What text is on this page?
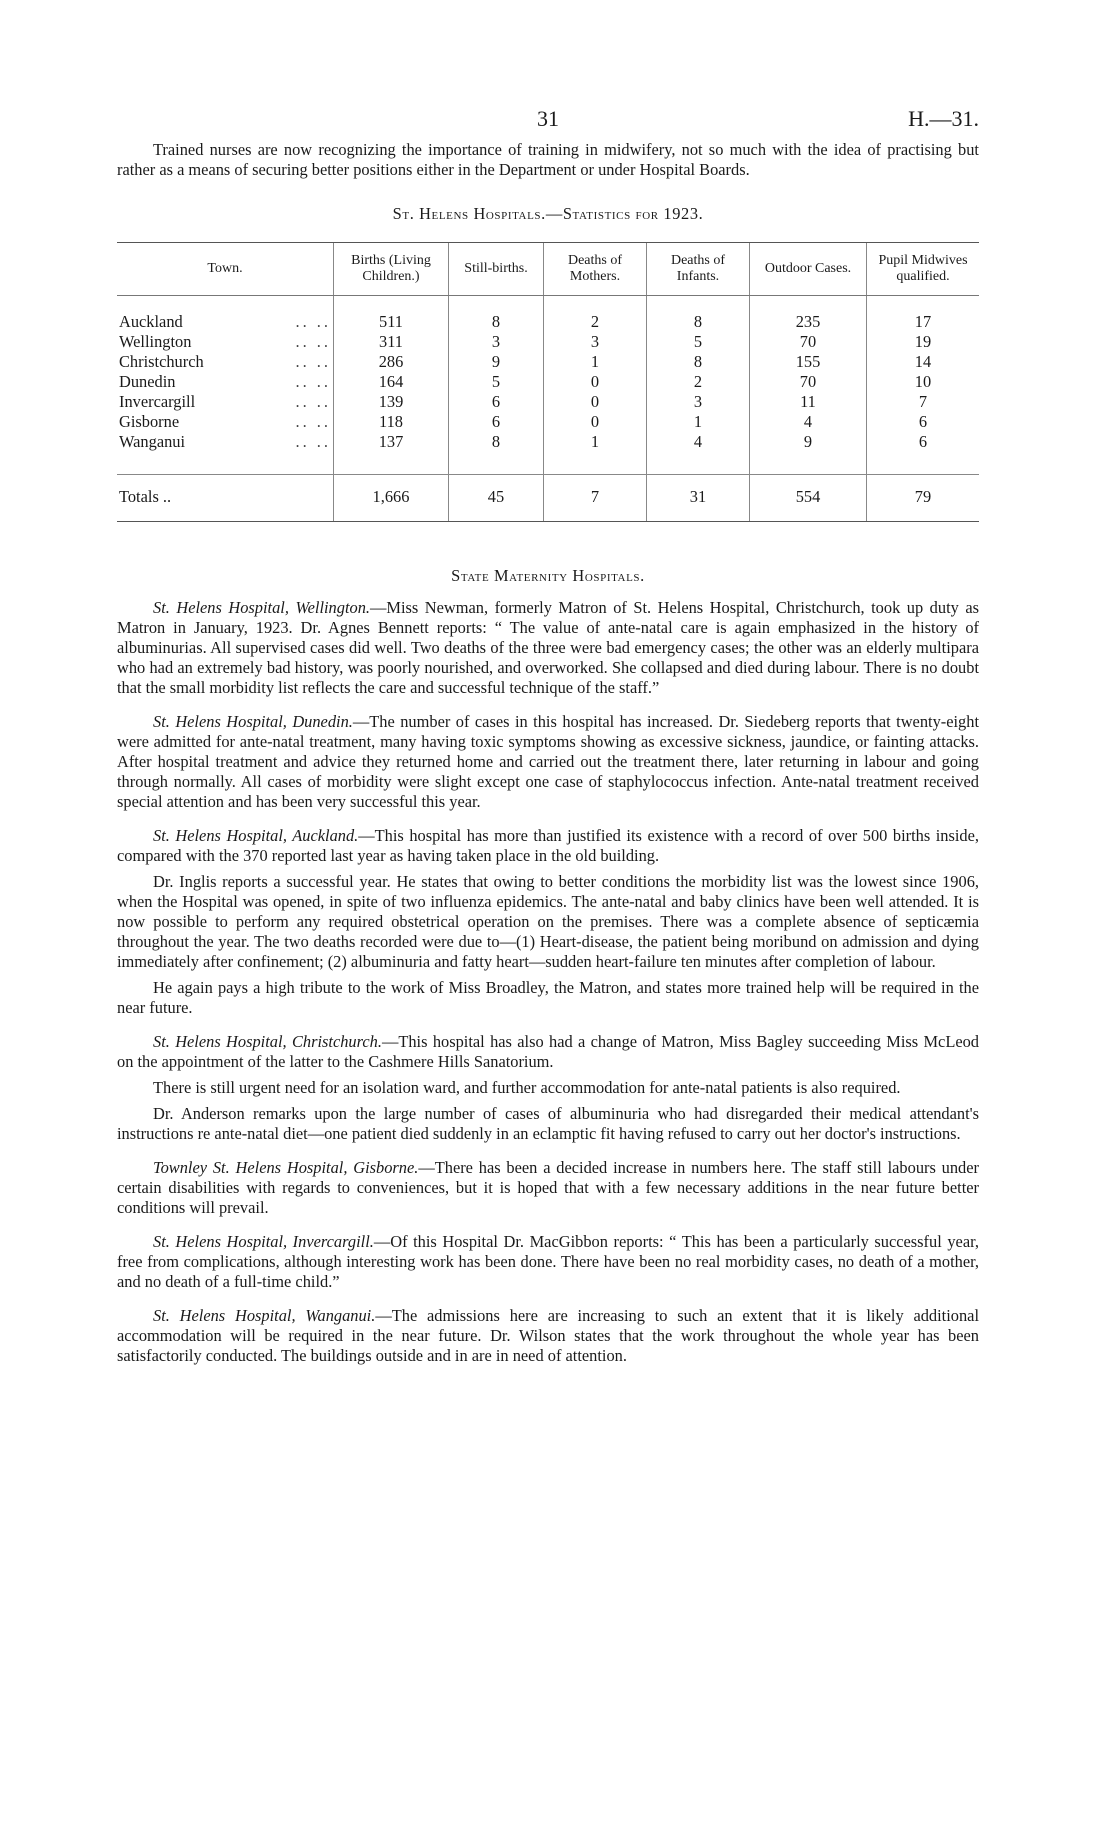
31	H.—31.

Trained nurses are now recognizing the importance of training in midwifery, not so much with the idea of practising but rather as a means of securing better positions either in the Department or under Hospital Boards.

St. Helens Hospitals.—Statistics for 1923.
Town.	Births (Living Children.)	Still-births.	Deaths of Mothers.	Deaths of Infants.	Outdoor Cases.	Pupil Midwives qualified.

Auckland .. ..	511	8	2	8	235	17

Wellington .. ..	311	3	3	5	70	19

Christchurch .. ..	286	9	1	8	155	14

Dunedin .. ..	164	5	0	2	70	10

Invercargill .. ..	139	6	0	3	11	7

Gisborne .. ..	118	6	0	1	4	6

Wanganui .. ..	137	8	1	4	9	6
Totals ..	1,666	45	7	31	554	79
State Maternity Hospitals.

St. Helens Hospital, Wellington.—Miss Newman, formerly Matron of St. Helens Hospital, Christchurch, took up duty as Matron in January, 1923. Dr. Agnes Bennett reports: “ The value of ante-natal care is again emphasized in the history of albuminurias. All supervised cases did well. Two deaths of the three were bad emergency cases; the other was an elderly multipara who had an extremely bad history, was poorly nourished, and overworked. She collapsed and died during labour. There is no doubt that the small morbidity list reflects the care and successful technique of the staff.”

St. Helens Hospital, Dunedin.—The number of cases in this hospital has increased. Dr. Siedeberg reports that twenty-eight were admitted for ante-natal treatment, many having toxic symptoms showing as excessive sickness, jaundice, or fainting attacks. After hospital treatment and advice they returned home and carried out the treatment there, later returning in labour and going through normally. All cases of morbidity were slight except one case of staphylococcus infection. Ante-natal treatment received special attention and has been very successful this year.

St. Helens Hospital, Auckland.—This hospital has more than justified its existence with a record of over 500 births inside, compared with the 370 reported last year as having taken place in the old building.

Dr. Inglis reports a successful year. He states that owing to better conditions the morbidity list was the lowest since 1906, when the Hospital was opened, in spite of two influenza epidemics. The ante-natal and baby clinics have been well attended. It is now possible to perform any required obstetrical operation on the premises. There was a complete absence of septicæmia throughout the year. The two deaths recorded were due to—(1) Heart-disease, the patient being moribund on admission and dying immediately after confinement; (2) albuminuria and fatty heart—sudden heart-failure ten minutes after completion of labour.

He again pays a high tribute to the work of Miss Broadley, the Matron, and states more trained help will be required in the near future.

St. Helens Hospital, Christchurch.—This hospital has also had a change of Matron, Miss Bagley succeeding Miss McLeod on the appointment of the latter to the Cashmere Hills Sanatorium.

There is still urgent need for an isolation ward, and further accommodation for ante-natal patients is also required.

Dr. Anderson remarks upon the large number of cases of albuminuria who had disregarded their medical attendant's instructions re ante-natal diet—one patient died suddenly in an eclamptic fit having refused to carry out her doctor's instructions.

Townley St. Helens Hospital, Gisborne.—There has been a decided increase in numbers here. The staff still labours under certain disabilities with regards to conveniences, but it is hoped that with a few necessary additions in the near future better conditions will prevail.

St. Helens Hospital, Invercargill.—Of this Hospital Dr. MacGibbon reports: “ This has been a particularly successful year, free from complications, although interesting work has been done. There have been no real morbidity cases, no death of a mother, and no death of a full-time child.”

St. Helens Hospital, Wanganui.—The admissions here are increasing to such an extent that it is likely additional accommodation will be required in the near future. Dr. Wilson states that the work throughout the whole year has been satisfactorily conducted. The buildings outside and in are in need of attention.
